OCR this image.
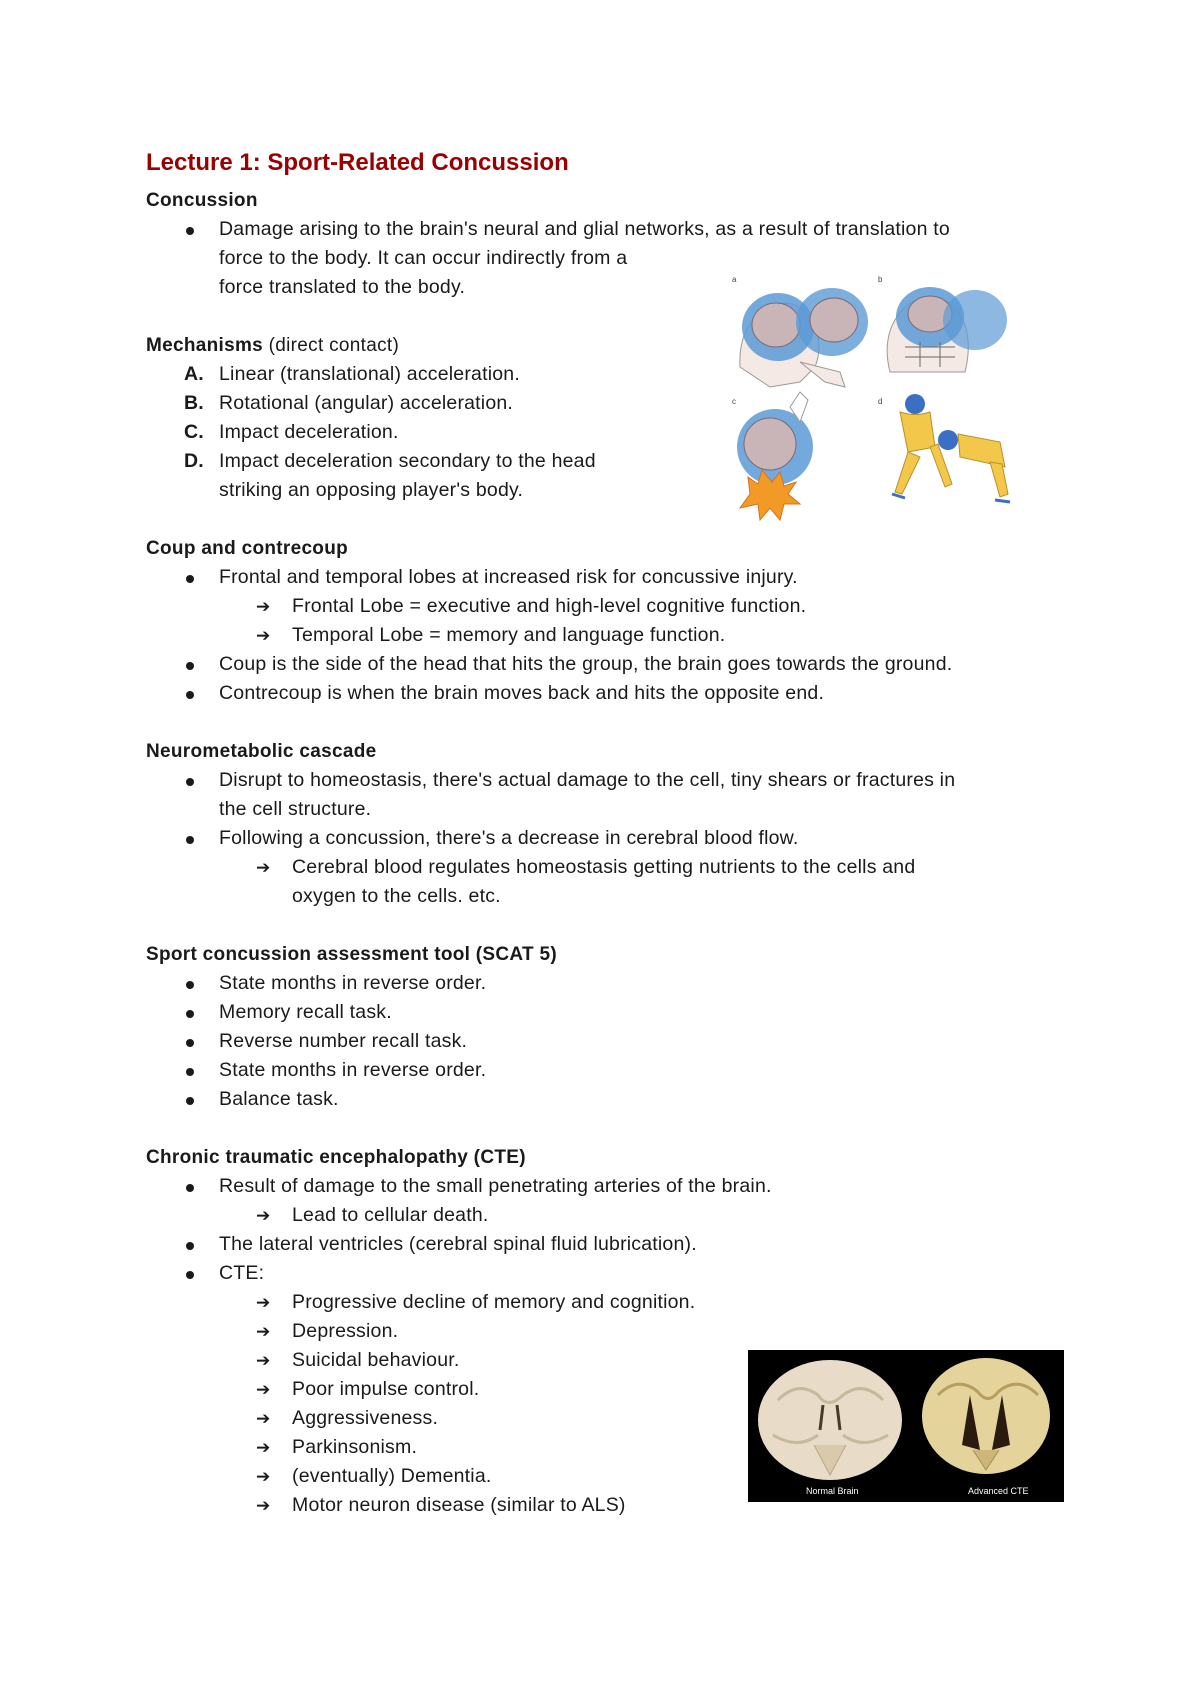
Lecture 1: Sport-Related Concussion
Concussion
Damage arising to the brain's neural and glial networks, as a result of translation to
force to the body. It can occur indirectly from a
force translated to the body.
Mechanisms (direct contact)
A. Linear (translational) acceleration.
B. Rotational (angular) acceleration.
C. Impact deceleration.
D. Impact deceleration secondary to the head
striking an opposing player's body.
Coup and contrecoup
Frontal and temporal lobes at increased risk for concussive injury.
➔ Frontal Lobe = executive and high-level cognitive function.
➔ Temporal Lobe = memory and language function.
Coup is the side of the head that hits the group, the brain goes towards the ground.
Contrecoup is when the brain moves back and hits the opposite end.
Neurometabolic cascade
Disrupt to homeostasis, there's actual damage to the cell, tiny shears or fractures in
the cell structure.
Following a concussion, there's a decrease in cerebral blood flow.
➔ Cerebral blood regulates homeostasis getting nutrients to the cells and
oxygen to the cells. etc.
Sport concussion assessment tool (SCAT 5)
State months in reverse order.
Memory recall task.
Reverse number recall task.
State months in reverse order.
Balance task.
Chronic traumatic encephalopathy (CTE)
Result of damage to the small penetrating arteries of the brain.
➔ Lead to cellular death.
The lateral ventricles (cerebral spinal fluid lubrication).
CTE:
➔ Progressive decline of memory and cognition.
➔ Depression.
➔ Suicidal behaviour.
➔ Poor impulse control.
➔ Aggressiveness.
➔ Parkinsonism.
➔ (eventually) Dementia.
➔ Motor neuron disease (similar to ALS)
a	b
c	d
Normal Brain	Advanced CTE
